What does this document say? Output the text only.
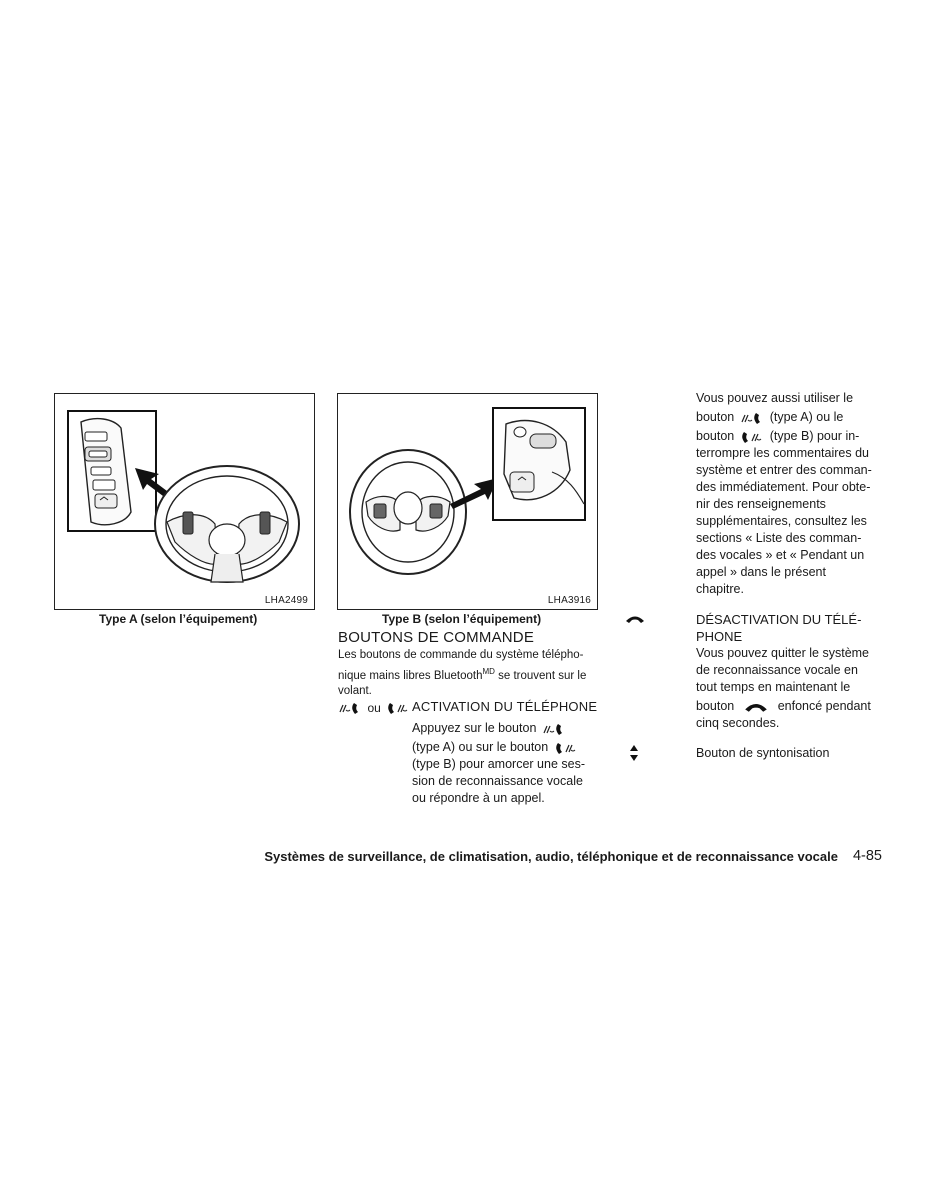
LHA2499
Type A (selon l’équipement)
LHA3916
Type B (selon l’équipement)
BOUTONS DE COMMANDE
Les boutons de commande du système télépho-
nique mains libres Bluetooth$^{MD}$ se trouvent sur le
volant.
ou	ACTIVATION DU TÉLÉPHONE
Appuyez sur le bouton
(type A) ou sur le bouton
(type B) pour amorcer une ses-
sion de reconnaissance vocale
ou répondre à un appel.
Vous pouvez aussi utiliser le
bouton	(type A) ou le
bouton	(type B) pour in-
terrompre les commentaires du
système et entrer des comman-
des immédiatement. Pour obte-
nir des renseignements
supplémentaires, consultez les
sections « Liste des comman-
des vocales » et « Pendant un
appel » dans le présent
chapitre.
DÉSACTIVATION DU TÉLÉ-
PHONE
Vous pouvez quitter le système
de reconnaissance vocale en
tout temps en maintenant le
bouton	enfoncé pendant
cinq secondes.
Bouton de syntonisation
Systèmes de surveillance, de climatisation, audio, téléphonique et de reconnaissance vocale 4-85
